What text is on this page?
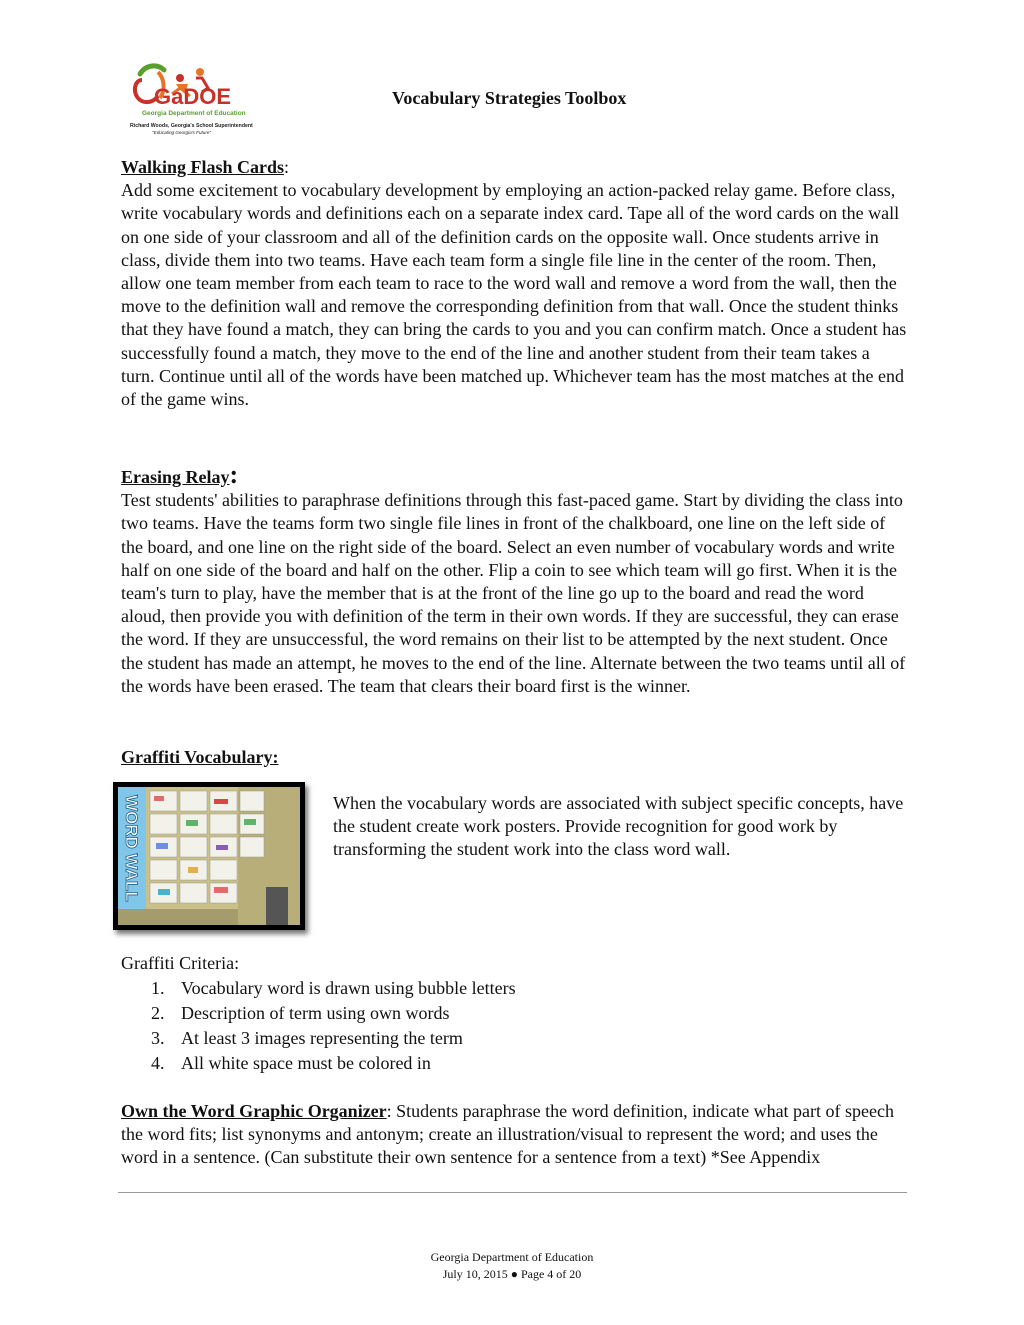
GaDOE
Georgia Department of Education
Richard Woods, Georgia's School Superintendent
"Educating Georgia's Future"
Vocabulary Strategies Toolbox
Walking Flash Cards:

Add some excitement to vocabulary development by employing an action-packed relay game. Before class, write vocabulary words and definitions each on a separate index card. Tape all of the word cards on the wall on one side of your classroom and all of the definition cards on the opposite wall. Once students arrive in class, divide them into two teams. Have each team form a single file line in the center of the room. Then, allow one team member from each team to race to the word wall and remove a word from the wall, then the move to the definition wall and remove the corresponding definition from that wall. Once the student thinks that they have found a match, they can bring the cards to you and you can confirm match. Once a student has successfully found a match, they move to the end of the line and another student from their team takes a turn. Continue until all of the words have been matched up. Whichever team has the most matches at the end of the game wins.

Erasing Relay:

Test students' abilities to paraphrase definitions through this fast-paced game. Start by dividing the class into two teams. Have the teams form two single file lines in front of the chalkboard, one line on the left side of the board, and one line on the right side of the board. Select an even number of vocabulary words and write half on one side of the board and half on the other. Flip a coin to see which team will go first. When it is the team's turn to play, have the member that is at the front of the line go up to the board and read the word aloud, then provide you with definition of the term in their own words. If they are successful, they can erase the word. If they are unsuccessful, the word remains on their list to be attempted by the next student. Once the student has made an attempt, he moves to the end of the line. Alternate between the two teams until all of the words have been erased. The team that clears their board first is the winner.

Graffiti Vocabulary:
WORD WALL	When the vocabulary words are associated with subject specific concepts, have the student create work posters. Provide recognition for good work by transforming the student work into the class word wall.
Graffiti Criteria:
1. Vocabulary word is drawn using bubble letters
2. Description of term using own words
3. At least 3 images representing the term
4. All white space must be colored in
Own the Word Graphic Organizer: Students paraphrase the word definition, indicate what part of speech the word fits; list synonyms and antonym; create an illustration/visual to represent the word; and uses the word in a sentence. (Can substitute their own sentence for a sentence from a text) *See Appendix
Georgia Department of Education
July 10, 2015 ● Page 4 of 20
